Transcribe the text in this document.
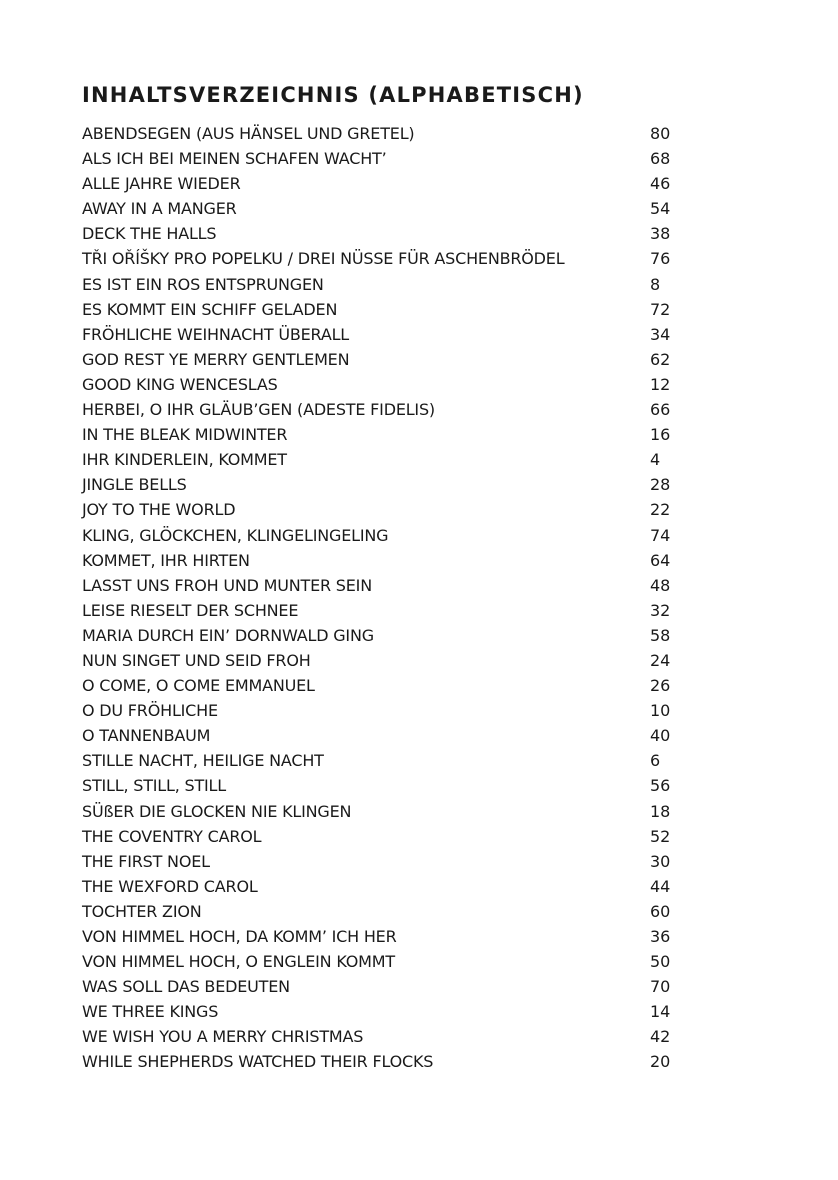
INHALTSVERZEICHNIS (ALPHABETISCH)
ABENDSEGEN (AUS HÄNSEL UND GRETEL)	80
ALS ICH BEI MEINEN SCHAFEN WACHT’	68
ALLE JAHRE WIEDER	46
AWAY IN A MANGER	54
DECK THE HALLS	38
TŘI OŘÍŠKY PRO POPELKU / DREI NÜSSE FÜR ASCHENBRÖDEL	76
ES IST EIN ROS ENTSPRUNGEN	8
ES KOMMT EIN SCHIFF GELADEN	72
FRÖHLICHE WEIHNACHT ÜBERALL	34
GOD REST YE MERRY GENTLEMEN	62
GOOD KING WENCESLAS	12
HERBEI, O IHR GLÄUB’GEN (ADESTE FIDELIS)	66
IN THE BLEAK MIDWINTER	16
IHR KINDERLEIN, KOMMET	4
JINGLE BELLS	28
JOY TO THE WORLD	22
KLING, GLÖCKCHEN, KLINGELINGELING	74
KOMMET, IHR HIRTEN	64
LASST UNS FROH UND MUNTER SEIN	48
LEISE RIESELT DER SCHNEE	32
MARIA DURCH EIN’ DORNWALD GING	58
NUN SINGET UND SEID FROH	24
O COME, O COME EMMANUEL	26
O DU FRÖHLICHE	10
O TANNENBAUM	40
STILLE NACHT, HEILIGE NACHT	6
STILL, STILL, STILL	56
SÜßER DIE GLOCKEN NIE KLINGEN	18
THE COVENTRY CAROL	52
THE FIRST NOEL	30
THE WEXFORD CAROL	44
TOCHTER ZION	60
VON HIMMEL HOCH, DA KOMM’ ICH HER	36
VON HIMMEL HOCH, O ENGLEIN KOMMT	50
WAS SOLL DAS BEDEUTEN	70
WE THREE KINGS	14
WE WISH YOU A MERRY CHRISTMAS	42
WHILE SHEPHERDS WATCHED THEIR FLOCKS	20
